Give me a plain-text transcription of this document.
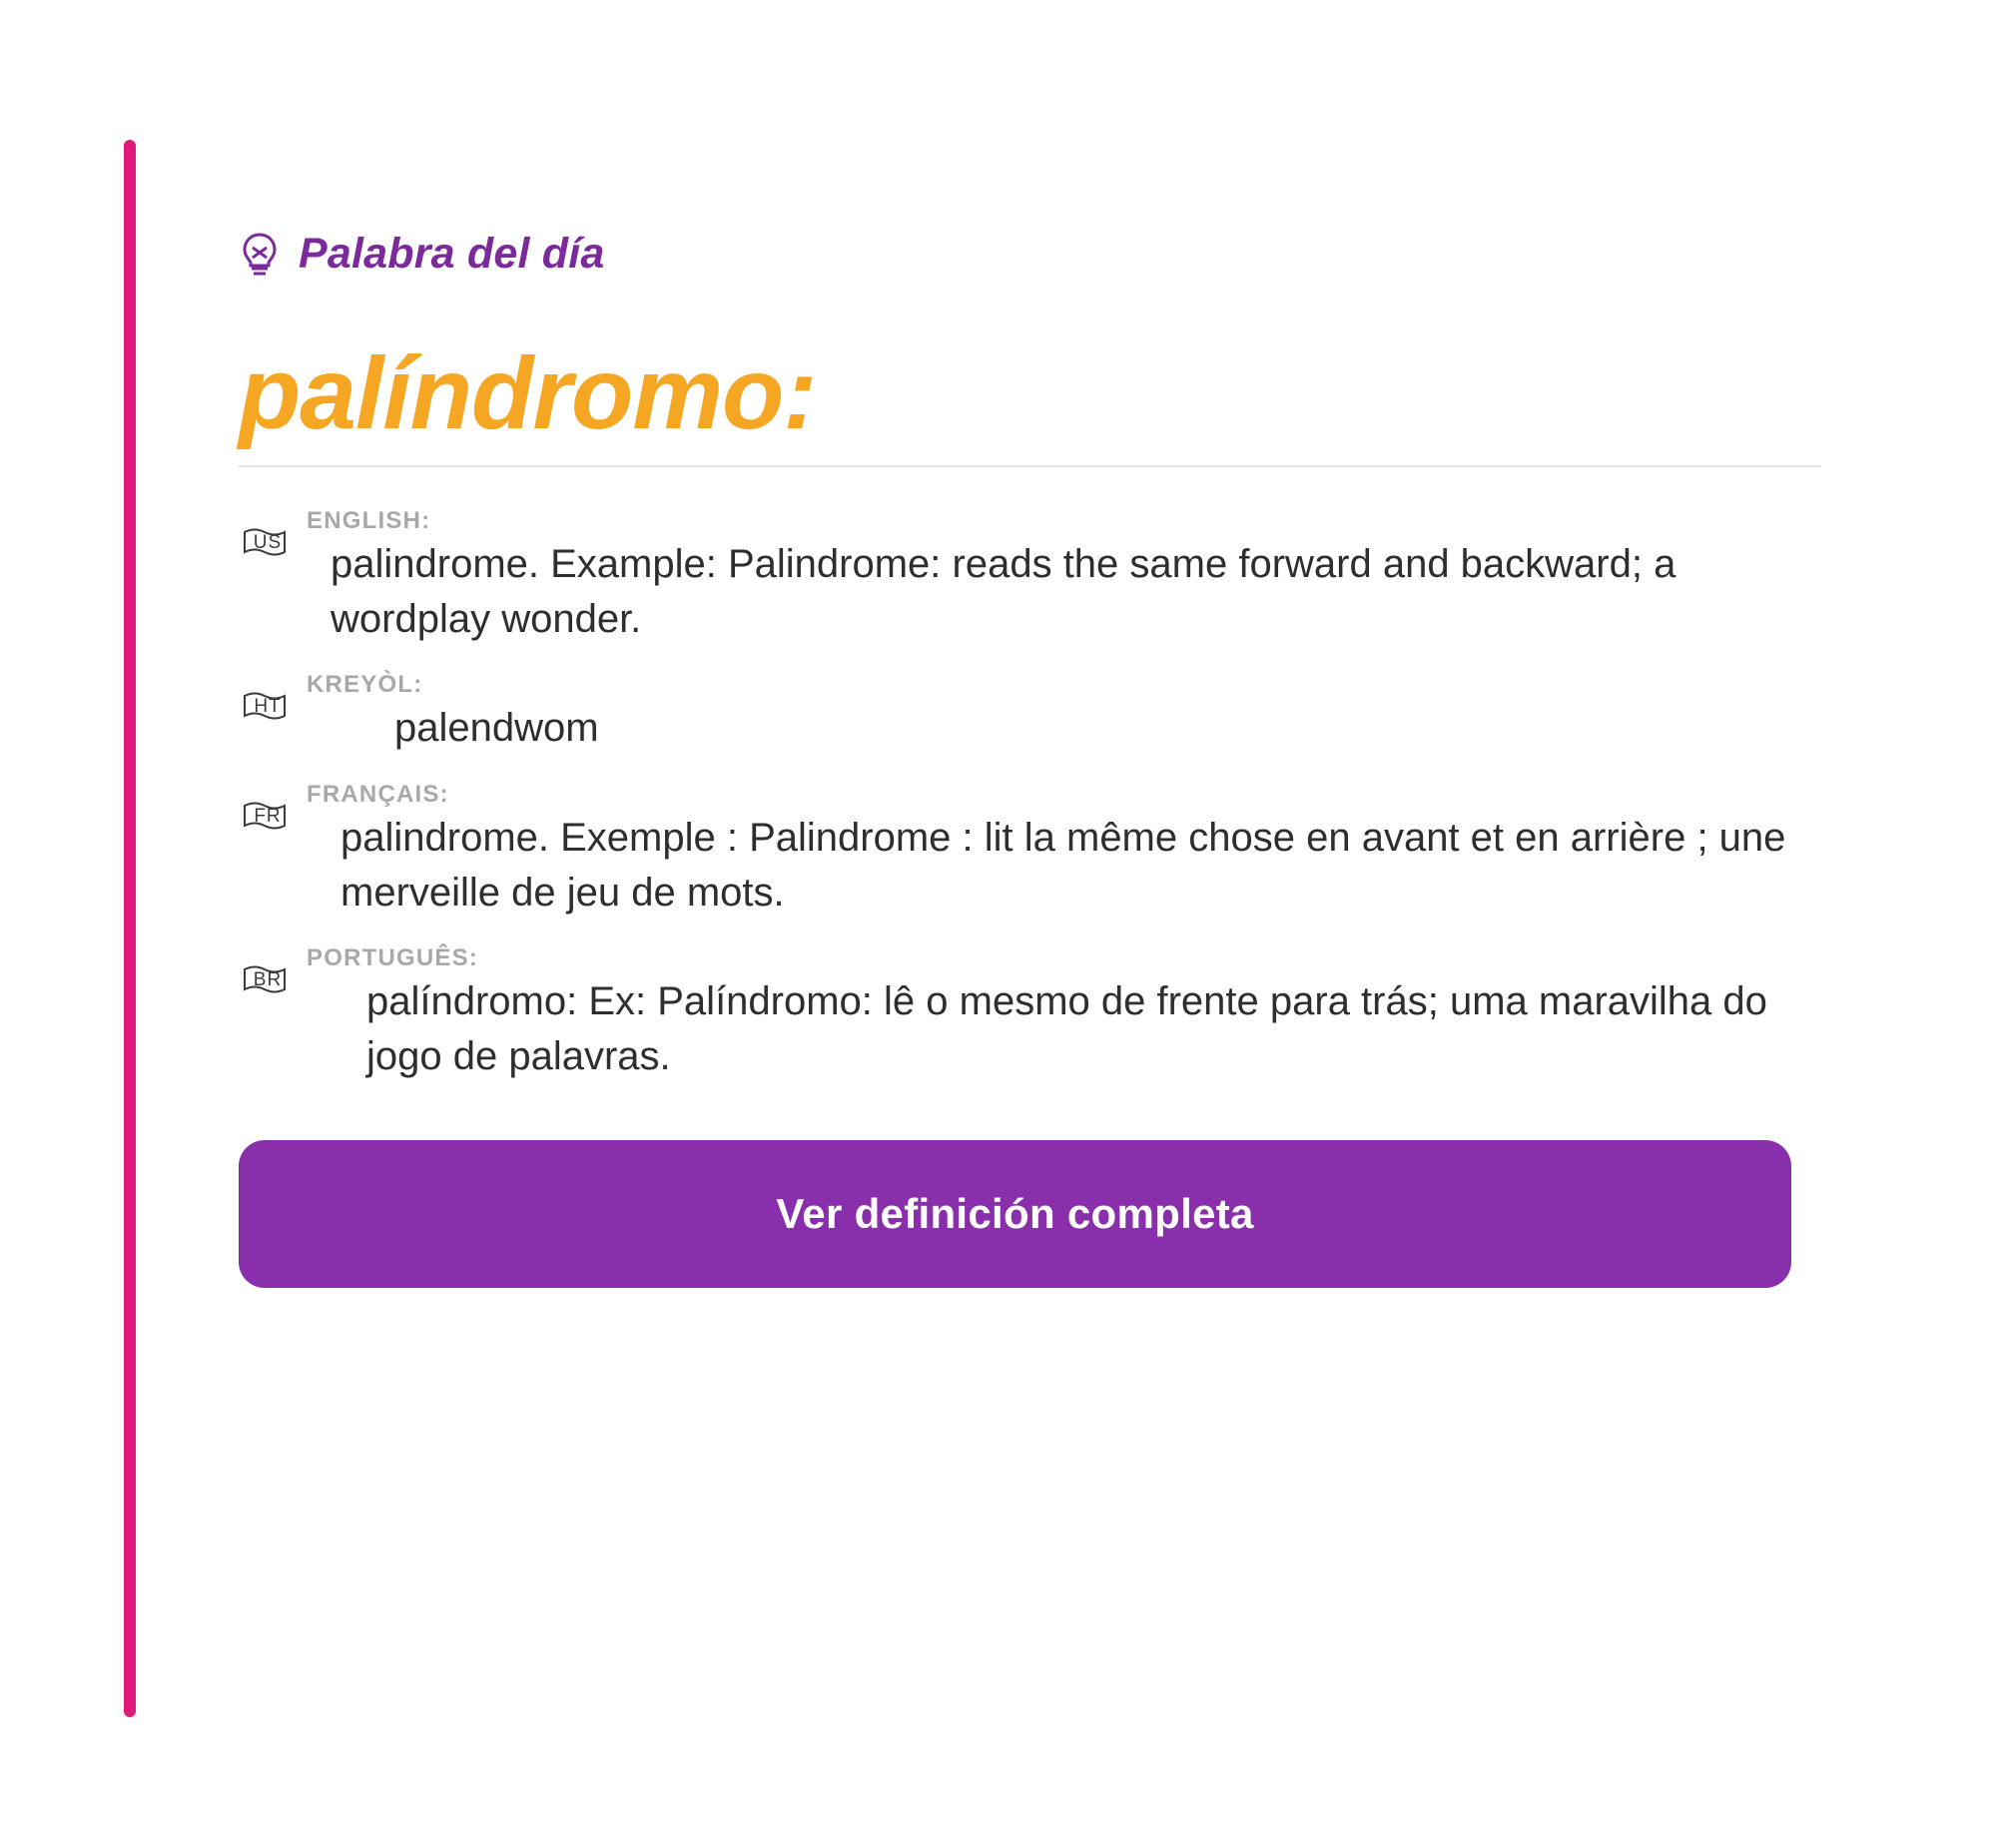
Palabra del día
palíndromo:
US
ENGLISH:
palindrome. Example: Palindrome: reads the same forward and backward; a wordplay wonder.
HT
KREYÒL:
palendwom
FR
FRANÇAIS:
palindrome. Exemple : Palindrome : lit la même chose en avant et en arrière ; une merveille de jeu de mots.
BR
PORTUGUÊS:
palíndromo: Ex: Palíndromo: lê o mesmo de frente para trás; uma maravilha do jogo de palavras.
Ver definición completa
